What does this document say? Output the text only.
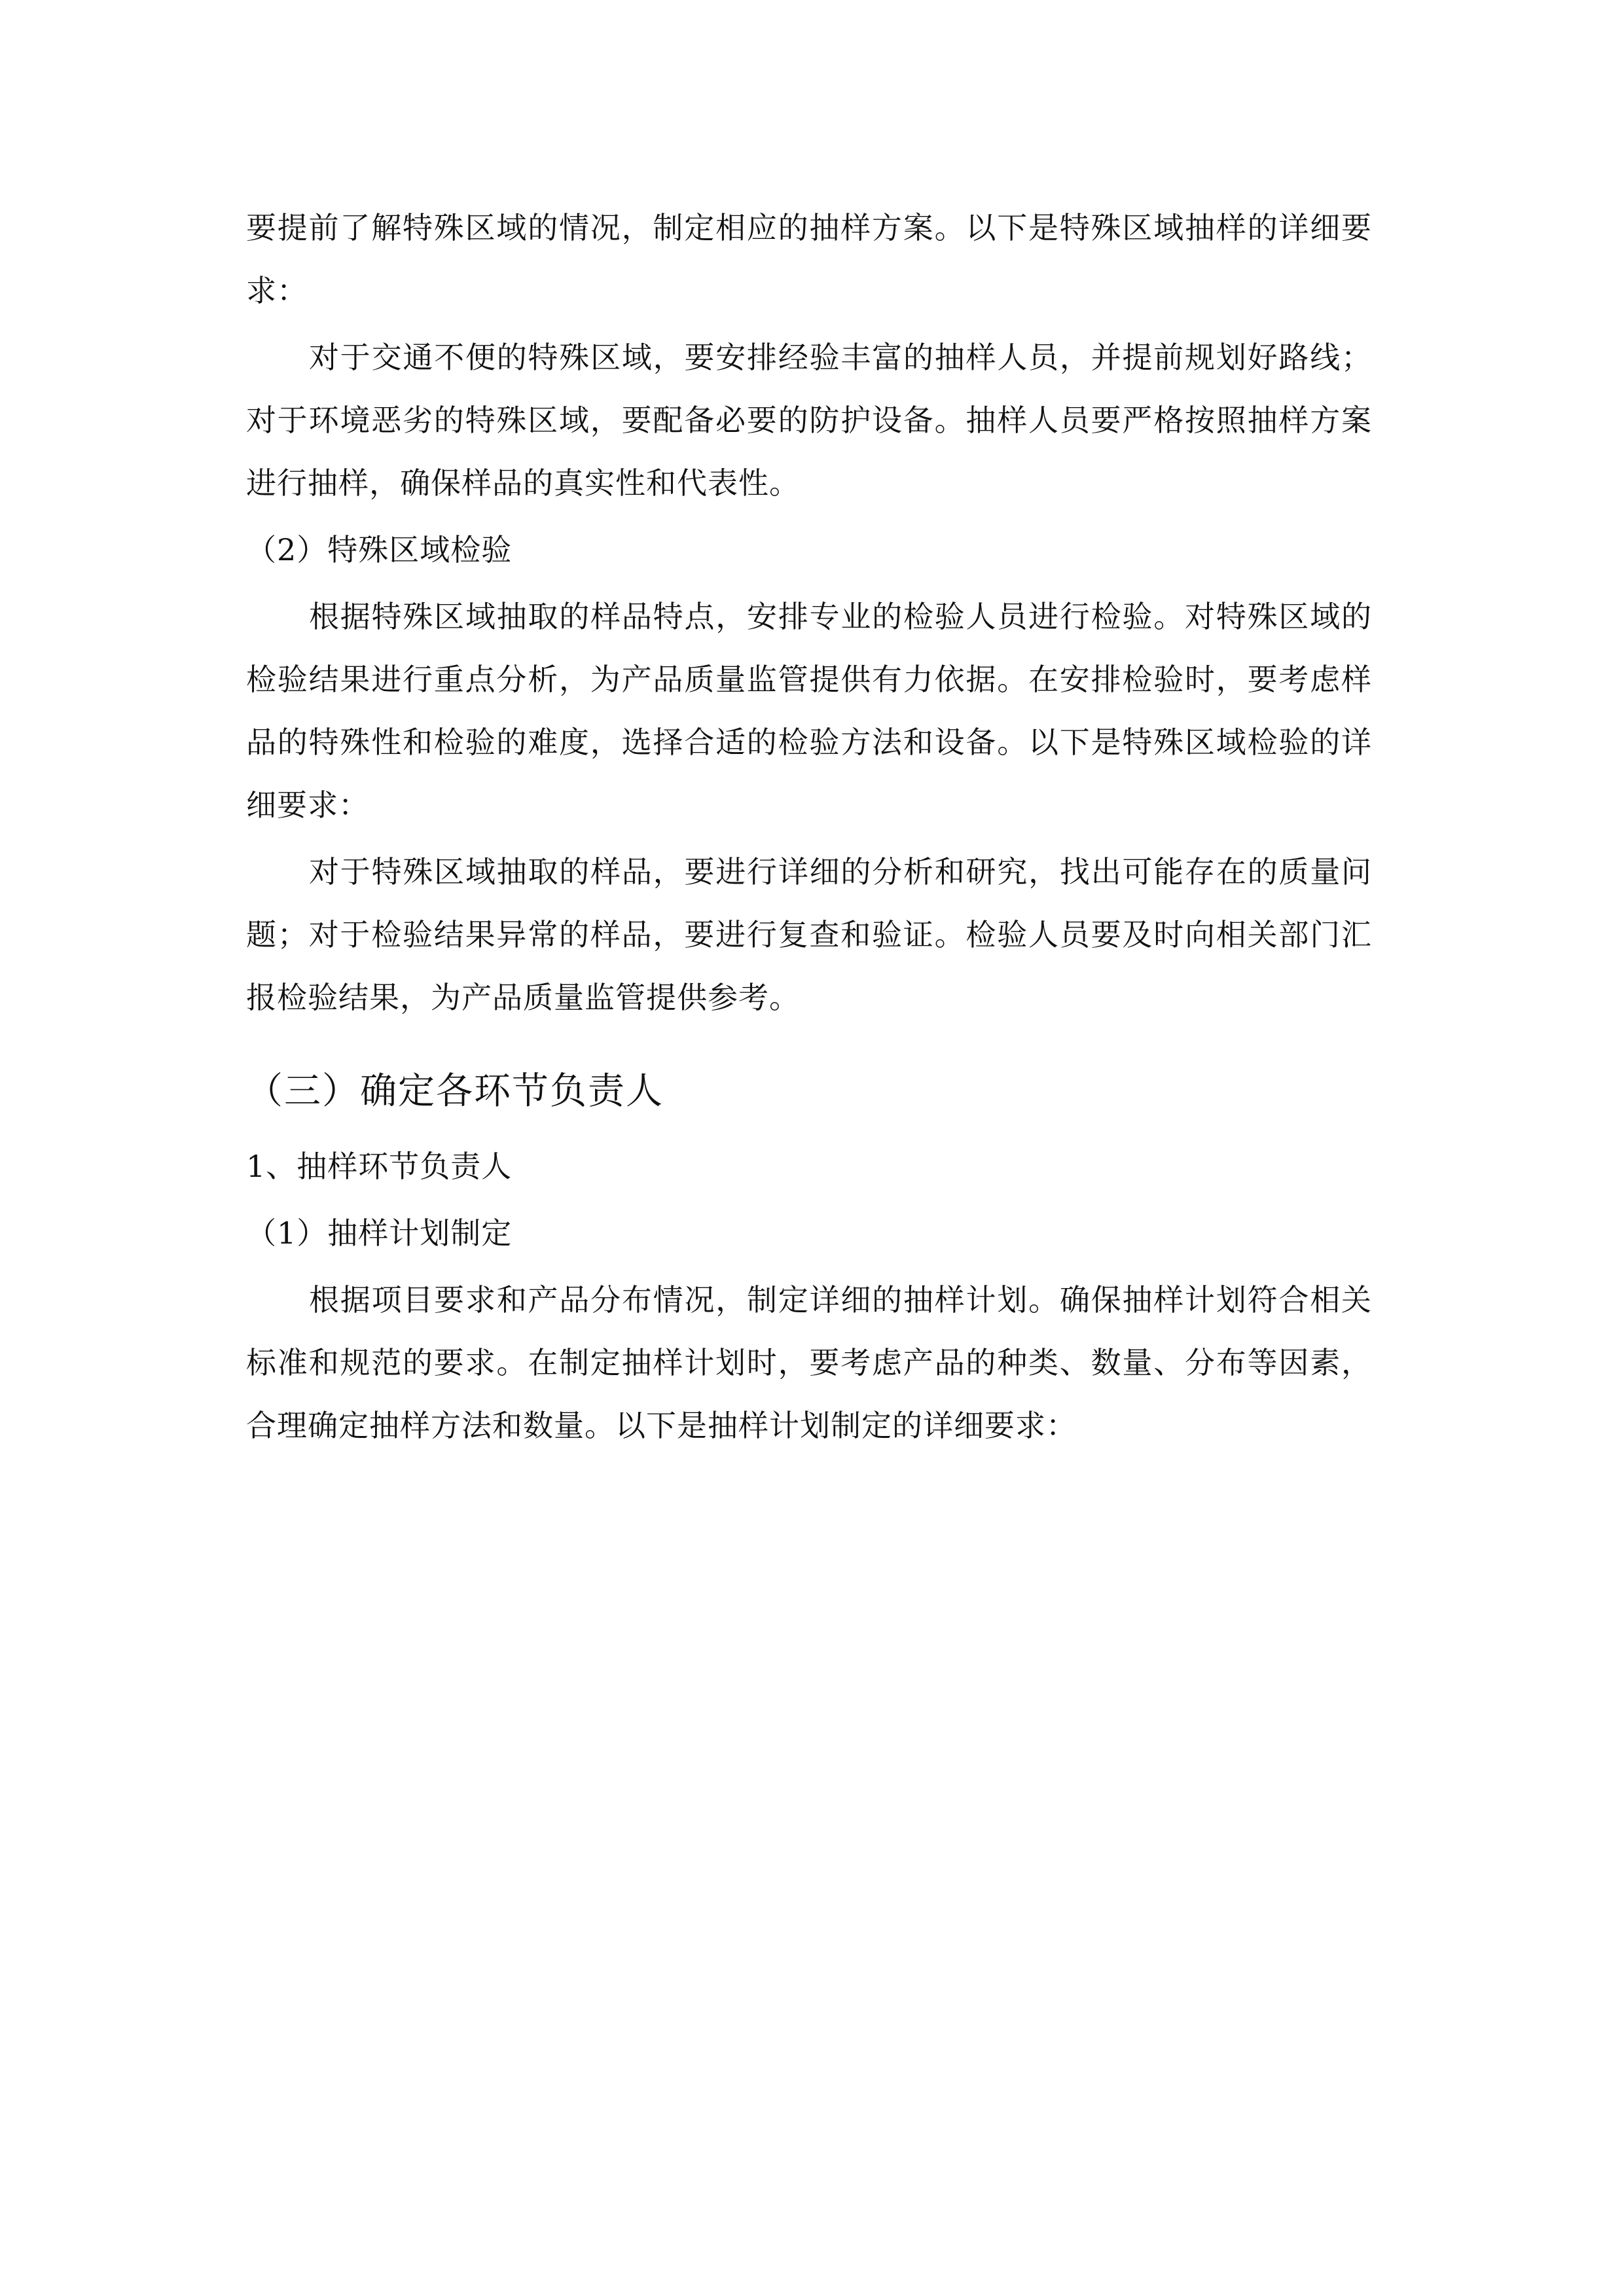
要提前了解特殊区域的情况，制定相应的抽样方案。以下是特殊区域抽样的详细要求：

对于交通不便的特殊区域，要安排经验丰富的抽样人员，并提前规划好路线；对于环境恶劣的特殊区域，要配备必要的防护设备。抽样人员要严格按照抽样方案进行抽样，确保样品的真实性和代表性。

（2）特殊区域检验

根据特殊区域抽取的样品特点，安排专业的检验人员进行检验。对特殊区域的检验结果进行重点分析，为产品质量监管提供有力依据。在安排检验时，要考虑样品的特殊性和检验的难度，选择合适的检验方法和设备。以下是特殊区域检验的详细要求：

对于特殊区域抽取的样品，要进行详细的分析和研究，找出可能存在的质量问题；对于检验结果异常的样品，要进行复查和验证。检验人员要及时向相关部门汇报检验结果，为产品质量监管提供参考。

（三）确定各环节负责人
1、抽样环节负责人
（1）抽样计划制定

根据项目要求和产品分布情况，制定详细的抽样计划。确保抽样计划符合相关标准和规范的要求。在制定抽样计划时，要考虑产品的种类、数量、分布等因素，合理确定抽样方法和数量。以下是抽样计划制定的详细要求：
